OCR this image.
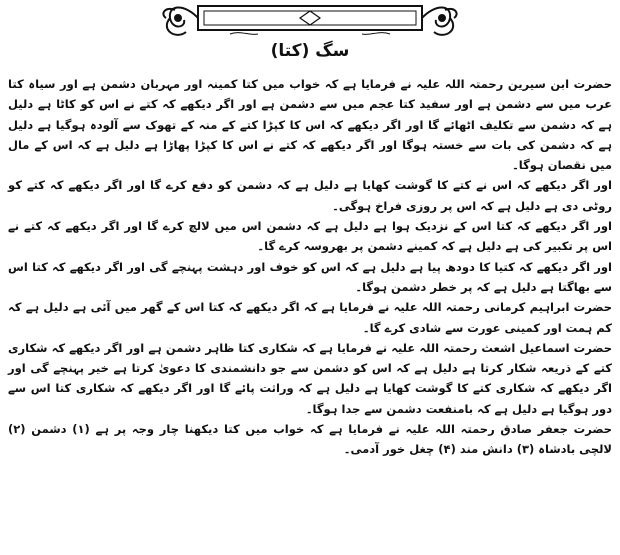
سگ (کتا)

حضرت ابن سیرین رحمتہ اللہ علیہ نے فرمایا ہے کہ خواب میں کتا کمینہ اور مہربان دشمن ہے اور سیاہ کتا عرب میں سے دشمن ہے اور سفید کتا عجم میں سے دشمن ہے اور اگر دیکھے کہ کتے نے اس کو کاٹا ہے دلیل ہے کہ دشمن سے تکلیف اٹھائے گا اور اگر دیکھے کہ اس کا کپڑا کتے کے منہ کے تھوک سے آلودہ ہوگیا ہے دلیل ہے کہ دشمن کی بات سے خستہ ہوگا اور اگر دیکھے کہ کتے نے اس کا کپڑا پھاڑا ہے دلیل ہے کہ اس کے مال میں نقصان ہوگا۔

اور اگر دیکھے کہ اس نے کتے کا گوشت کھایا ہے دلیل ہے کہ دشمن کو دفع کرے گا اور اگر دیکھے کہ کتے کو روٹی دی ہے دلیل ہے کہ اس پر روزی فراخ ہوگی۔

اور اگر دیکھے کہ کتا اس کے نزدیک ہوا ہے دلیل ہے کہ دشمن اس میں لالچ کرے گا اور اگر دیکھے کہ کتے نے اس پر تکبیر کی ہے دلیل ہے کہ کمینے دشمن پر بھروسہ کرے گا۔

اور اگر دیکھے کہ کتیا کا دودھ پیا ہے دلیل ہے کہ اس کو خوف اور دہشت پہنچے گی اور اگر دیکھے کہ کتا اس سے بھاگتا ہے دلیل ہے کہ پر خطر دشمن ہوگا۔

حضرت ابراہیم کرمانی رحمتہ اللہ علیہ نے فرمایا ہے کہ اگر دیکھے کہ کتا اس کے گھر میں آئی ہے دلیل ہے کہ کم ہمت اور کمینی عورت سے شادی کرے گا۔

حضرت اسماعیل اشعث رحمتہ اللہ علیہ نے فرمایا ہے کہ شکاری کتا ظاہر دشمن ہے اور اگر دیکھے کہ شکاری کتے کے ذریعہ شکار کرتا ہے دلیل ہے کہ اس کو دشمن سے جو دانشمندی کا دعویٰ کرتا ہے خیر پہنچے گی اور اگر دیکھے کہ شکاری کتے کا گوشت کھایا ہے دلیل ہے کہ وراثت پائے گا اور اگر دیکھے کہ شکاری کتا اس سے دور ہوگیا ہے دلیل ہے کہ بامنفعت دشمن سے جدا ہوگا۔

حضرت جعفر صادق رحمتہ اللہ علیہ نے فرمایا ہے کہ خواب میں کتا دیکھنا چار وجہ پر ہے (۱) دشمن (۲) لالچی بادشاہ (۳) دانش مند (۴) چغل خور آدمی۔
